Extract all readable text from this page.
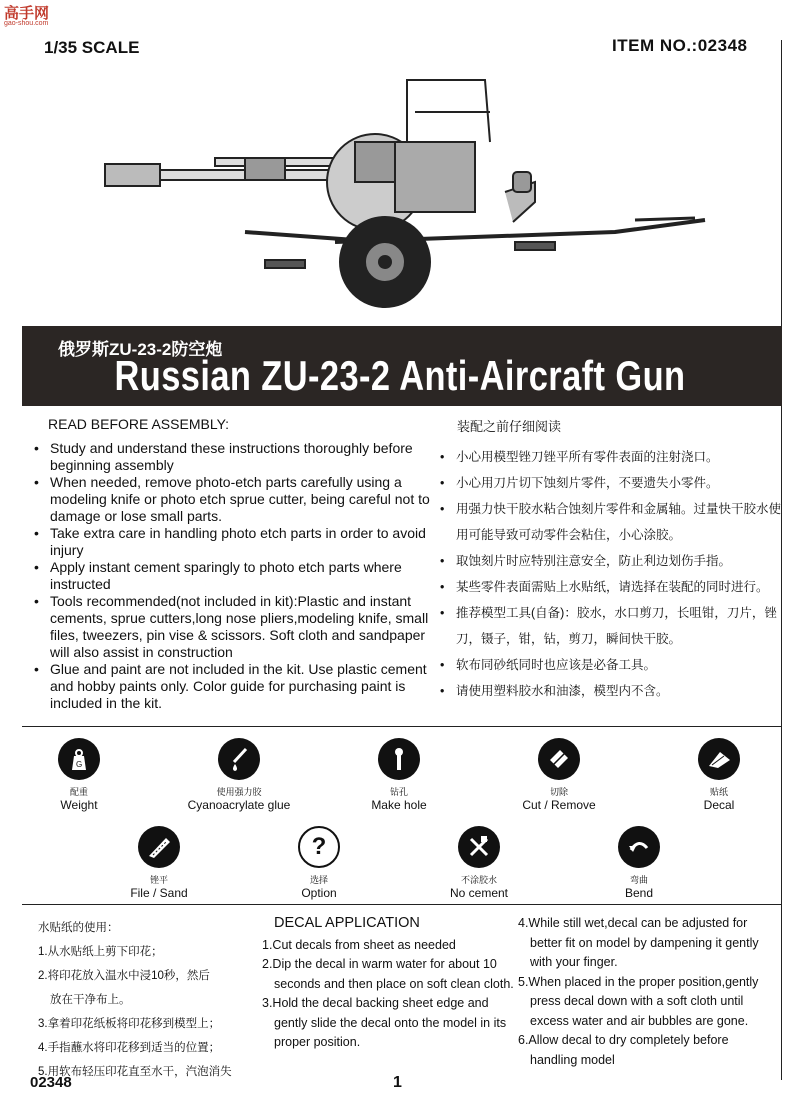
高手网
gao-shou.com
1/35 SCALE	ITEM NO.:02348
俄罗斯ZU-23-2防空炮
Russian ZU-23-2 Anti-Aircraft Gun
READ BEFORE ASSEMBLY:
• Study and understand these instructions thoroughly before beginning assembly
• When needed, remove photo-etch parts carefully using a modeling knife or photo etch sprue cutter, being careful not to damage or lose small parts.
• Take extra care in handling photo etch parts in order to avoid injury
• Apply instant cement sparingly to photo etch parts where instructed
• Tools recommended(not included in kit):Plastic and instant cements, sprue cutters,long nose pliers,modeling knife, small files, tweezers, pin vise & scissors. Soft cloth and sandpaper will also assist in construction
• Glue and paint are not included in the kit. Use plastic cement and hobby paints only. Color guide for purchasing paint is included in the kit.
装配之前仔细阅读
• 小心用模型锉刀锉平所有零件表面的注射浇口。
• 小心用刀片切下蚀刻片零件，不要遗失小零件。
• 用强力快干胶水粘合蚀刻片零件和金属轴。过量快干胶水使用可能导致可动零件会粘住，小心涂胶。
• 取蚀刻片时应特别注意安全，防止利边划伤手指。
• 某些零件表面需贴上水贴纸，请选择在装配的同时进行。
• 推荐模型工具(自备)：胶水，水口剪刀，长咀钳，刀片，锉刀，镊子，钳，钻，剪刀，瞬间快干胶。
• 软布同砂纸同时也应该是必备工具。
• 请使用塑料胶水和油漆，模型内不含。
G
配重
Weight
使用强力胶
Cyanoacrylate glue
钻孔
Make hole
切除
Cut / Remove
贴纸
Decal
锉平
File / Sand
?
选择
Option
不涂胶水
No cement
弯曲
Bend
水贴纸的使用：
1.从水贴纸上剪下印花；
2.将印花放入温水中浸10秒，然后
放在干净布上。
3.拿着印花纸板将印花移到模型上；
4.手指蘸水将印花移到适当的位置；
5.用软布轻压印花直至水干，汽泡消失
DECAL APPLICATION
1.Cut decals from sheet as needed
2.Dip the decal in warm water for about 10
seconds and then place on soft clean cloth.
3.Hold the decal backing sheet edge and
gently slide the decal onto the model in its
proper position.
4.While still wet,decal can be adjusted for
better fit on model by dampening it gently
with your finger.
5.When placed in the proper position,gently
press decal down with a soft cloth until
excess water and air bubbles are gone.
6.Allow decal to dry completely before
handling model
02348	1
